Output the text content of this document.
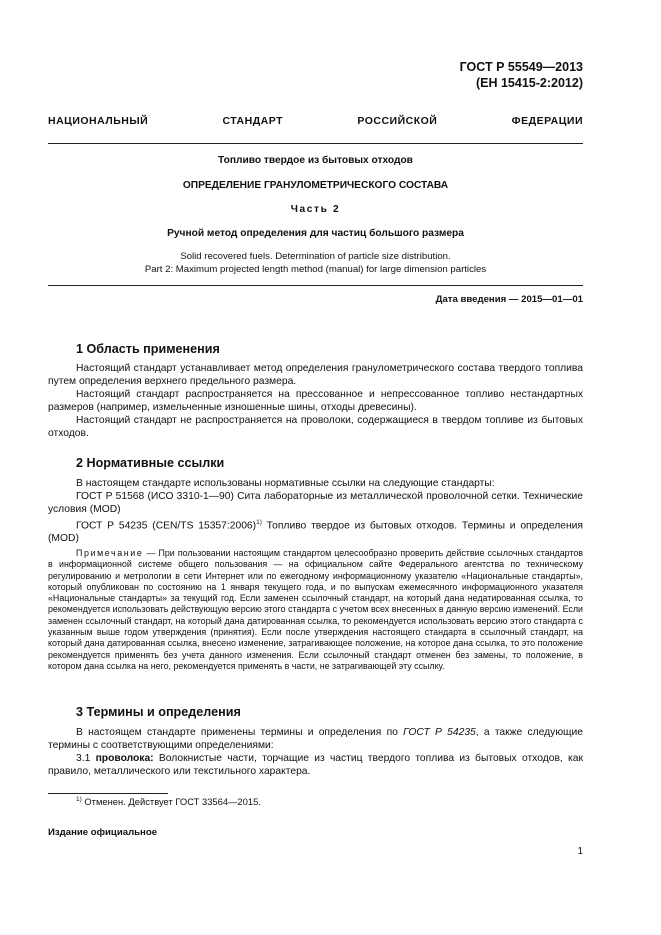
ГОСТ Р 55549—2013
(ЕН 15415-2:2012)
НАЦИОНАЛЬНЫЙ СТАНДАРТ РОССИЙСКОЙ ФЕДЕРАЦИИ
Топливо твердое из бытовых отходов
ОПРЕДЕЛЕНИЕ ГРАНУЛОМЕТРИЧЕСКОГО СОСТАВА
Часть 2
Ручной метод определения для частиц большого размера
Solid recovered fuels. Determination of particle size distribution.
Part 2: Maximum projected length method (manual) for large dimension particles
Дата введения — 2015—01—01
1 Область применения

Настоящий стандарт устанавливает метод определения гранулометрического состава твердого топлива путем определения верхнего предельного размера.

Настоящий стандарт распространяется на прессованное и непрессованное топливо нестандартных размеров (например, измельченные изношенные шины, отходы древесины).

Настоящий стандарт не распространяется на проволоки, содержащиеся в твердом топливе из бытовых отходов.

2 Нормативные ссылки

В настоящем стандарте использованы нормативные ссылки на следующие стандарты:

ГОСТ Р 51568 (ИСО 3310-1—90) Сита лабораторные из металлической проволочной сетки. Технические условия (MOD)

ГОСТ Р 54235 (CEN/TS 15357:2006)$^{1)}$ Топливо твердое из бытовых отходов. Термины и определения (MOD)

Примечание — При пользовании настоящим стандартом целесообразно проверить действие ссылочных стандартов в информационной системе общего пользования — на официальном сайте Федерального агентства по техническому регулированию и метрологии в сети Интернет или по ежегодному информационному указателю «Национальные стандарты», который опубликован по состоянию на 1 января текущего года, и по выпускам ежемесячного информационного указателя «Национальные стандарты» за текущий год. Если заменен ссылочный стандарт, на который дана недатированная ссылка, то рекомендуется использовать действующую версию этого стандарта с учетом всех внесенных в данную версию изменений. Если заменен ссылочный стандарт, на который дана датированная ссылка, то рекомендуется использовать версию этого стандарта с указанным выше годом утверждения (принятия). Если после утверждения настоящего стандарта в ссылочный стандарт, на который дана датированная ссылка, внесено изменение, затрагивающее положение, на которое дана ссылка, то это положение рекомендуется применять без учета данного изменения. Если ссылочный стандарт отменен без замены, то положение, в котором дана ссылка на него, рекомендуется применять в части, не затрагивающей эту ссылку.

3 Термины и определения

В настоящем стандарте применены термины и определения по ГОСТ Р 54235, а также следующие термины с соответствующими определениями:

3.1 проволока: Волокнистые части, торчащие из частиц твердого топлива из бытовых отходов, как правило, металлического или текстильного характера.

$^{1)}$ Отменен. Действует ГОСТ 33564—2015.
Издание официальное
1
